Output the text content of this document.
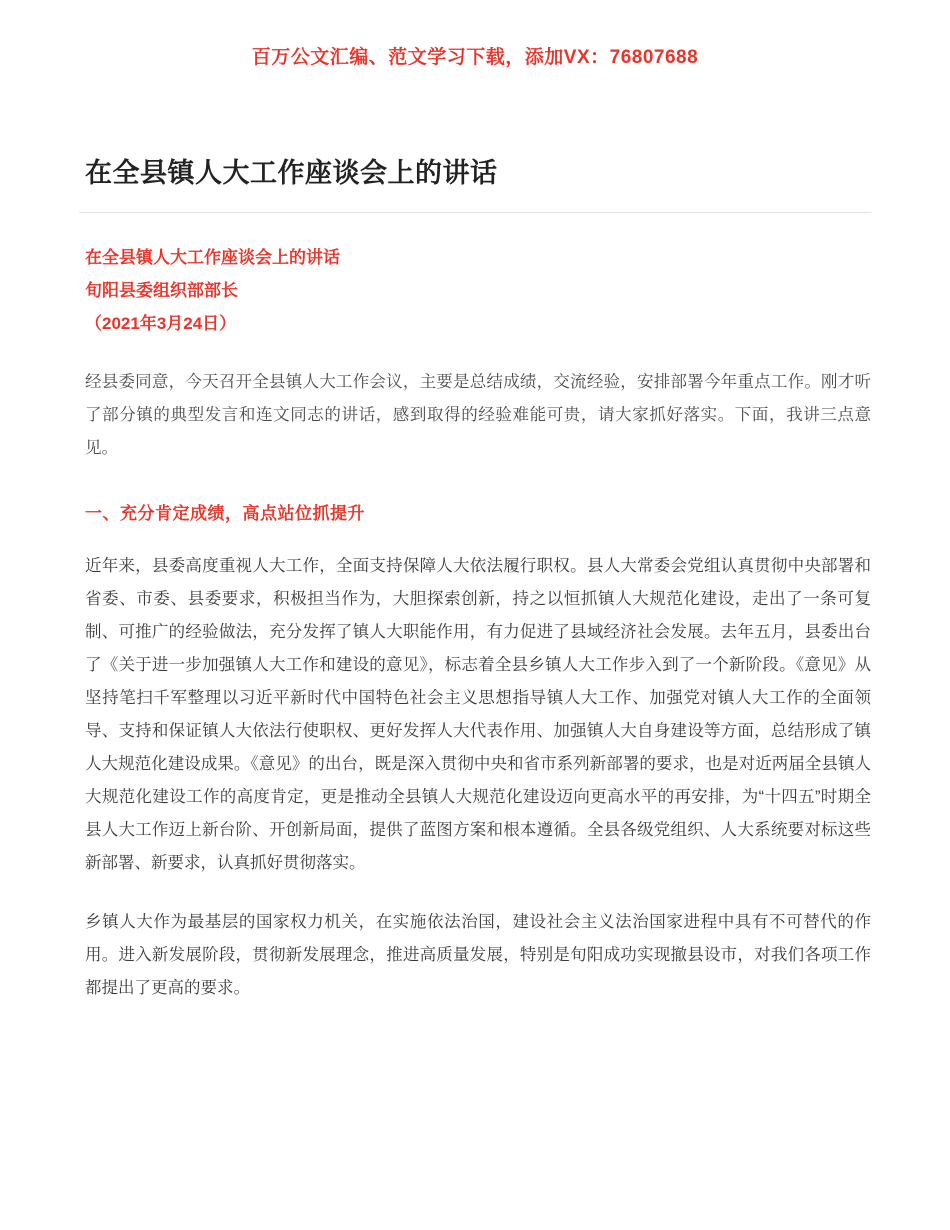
百万公文汇编、范文学习下载，添加VX：76807688
在全县镇人大工作座谈会上的讲话
在全县镇人大工作座谈会上的讲话
旬阳县委组织部部长
（2021年3月24日）

经县委同意，今天召开全县镇人大工作会议，主要是总结成绩，交流经验，安排部署今年重点工作。刚才听了部分镇的典型发言和连文同志的讲话，感到取得的经验难能可贵，请大家抓好落实。下面，我讲三点意见。

一、充分肯定成绩，高点站位抓提升

近年来，县委高度重视人大工作，全面支持保障人大依法履行职权。县人大常委会党组认真贯彻中央部署和省委、市委、县委要求，积极担当作为，大胆探索创新，持之以恒抓镇人大规范化建设，走出了一条可复制、可推广的经验做法，充分发挥了镇人大职能作用，有力促进了县域经济社会发展。去年五月，县委出台了《关于进一步加强镇人大工作和建设的意见》，标志着全县乡镇人大工作步入到了一个新阶段。《意见》从坚持笔扫千军整理以习近平新时代中国特色社会主义思想指导镇人大工作、加强党对镇人大工作的全面领导、支持和保证镇人大依法行使职权、更好发挥人大代表作用、加强镇人大自身建设等方面，总结形成了镇人大规范化建设成果。《意见》的出台，既是深入贯彻中央和省市系列新部署的要求，也是对近两届全县镇人大规范化建设工作的高度肯定，更是推动全县镇人大规范化建设迈向更高水平的再安排，为“十四五”时期全县人大工作迈上新台阶、开创新局面，提供了蓝图方案和根本遵循。全县各级党组织、人大系统要对标这些新部署、新要求，认真抓好贯彻落实。

乡镇人大作为最基层的国家权力机关，在实施依法治国，建设社会主义法治国家进程中具有不可替代的作用。进入新发展阶段，贯彻新发展理念，推进高质量发展，特别是旬阳成功实现撤县设市，对我们各项工作都提出了更高的要求。
